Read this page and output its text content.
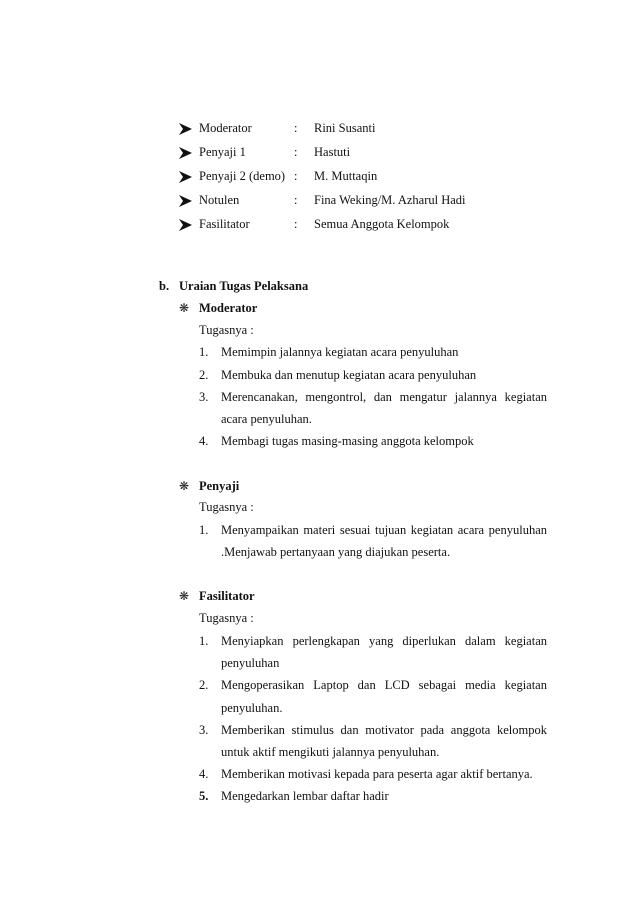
Moderator	: Rini Susanti
Penyaji 1	: Hastuti
Penyaji 2 (demo) : M. Muttaqin
Notulen	: Fina Weking/M. Azharul Hadi
Fasilitator	: Semua Anggota Kelompok
b. Uraian Tugas Pelaksana
❋ Moderator
Tugasnya :
1. Memimpin jalannya kegiatan acara penyuluhan
2. Membuka dan menutup kegiatan acara penyuluhan
3. Merencanakan, mengontrol, dan mengatur jalannya kegiatan
acara penyuluhan.
4. Membagi tugas masing-masing anggota kelompok
❋ Penyaji
Tugasnya :
1. Menyampaikan materi sesuai tujuan kegiatan acara penyuluhan
.Menjawab pertanyaan yang diajukan peserta.
❋ Fasilitator
Tugasnya :
1. Menyiapkan perlengkapan yang diperlukan dalam kegiatan
penyuluhan
2. Mengoperasikan Laptop dan LCD sebagai media kegiatan
penyuluhan.
3. Memberikan stimulus dan motivator pada anggota kelompok
untuk aktif mengikuti jalannya penyuluhan.
4. Memberikan motivasi kepada para peserta agar aktif bertanya.
5. Mengedarkan lembar daftar hadir
